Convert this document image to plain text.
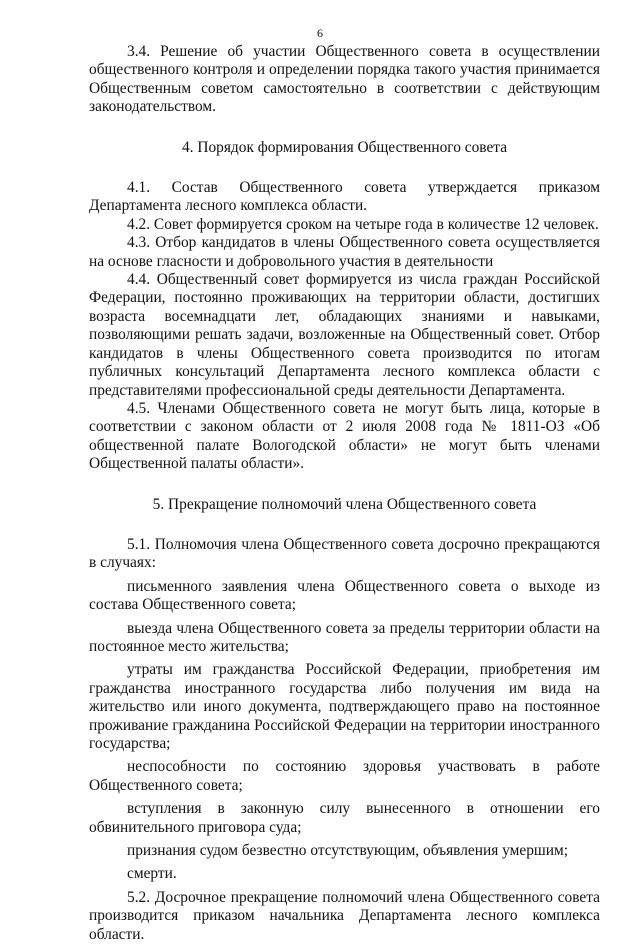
6

3.4. Решение об участии Общественного совета в осуществлении общественного контроля и определении порядка такого участия принимается Общественным советом самостоятельно в соответствии с действующим законодательством.

4. Порядок формирования Общественного совета

4.1. Состав Общественного совета утверждается приказом Департамента лесного комплекса области.

4.2. Совет формируется сроком на четыре года в количестве 12 человек.

4.3. Отбор кандидатов в члены Общественного совета осуществляется на основе гласности и добровольного участия в деятельности

4.4. Общественный совет формируется из числа граждан Российской Федерации, постоянно проживающих на территории области, достигших возраста восемнадцати лет, обладающих знаниями и навыками, позволяющими решать задачи, возложенные на Общественный совет. Отбор кандидатов в члены Общественного совета производится по итогам публичных консультаций Департамента лесного комплекса области с представителями профессиональной среды деятельности Департамента.

4.5. Членами Общественного совета не могут быть лица, которые в соответствии с законом области от 2 июля 2008 года № 1811-ОЗ «Об общественной палате Вологодской области» не могут быть членами Общественной палаты области».

5. Прекращение полномочий члена Общественного совета

5.1. Полномочия члена Общественного совета досрочно прекращаются в случаях:

письменного заявления члена Общественного совета о выходе из состава Общественного совета;

выезда члена Общественного совета за пределы территории области на постоянное место жительства;

утраты им гражданства Российской Федерации, приобретения им гражданства иностранного государства либо получения им вида на жительство или иного документа, подтверждающего право на постоянное проживание гражданина Российской Федерации на территории иностранного государства;

неспособности по состоянию здоровья участвовать в работе Общественного совета;

вступления в законную силу вынесенного в отношении его обвинительного приговора суда;

признания судом безвестно отсутствующим, объявления умершим;

смерти.

5.2. Досрочное прекращение полномочий члена Общественного совета производится приказом начальника Департамента лесного комплекса области.
